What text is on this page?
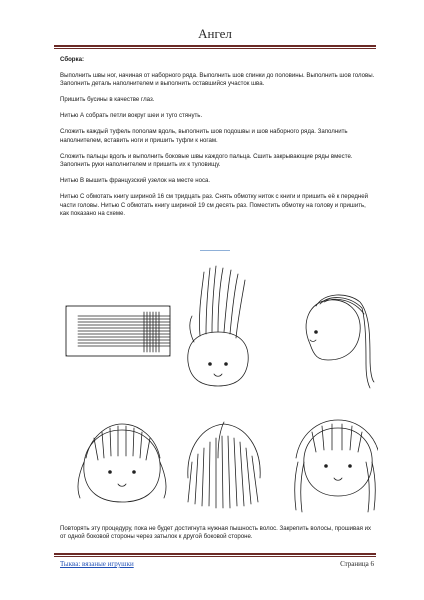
Ангел
Сборка:

Выполнить швы ног, начиная от наборного ряда. Выполнить шов спинки до половины. Выполнить шов головы. Заполнить деталь наполнителем и выполнить оставшийся участок шва.

Пришить бусины в качестве глаз.

Нитью А собрать петли вокруг шеи и туго стянуть.

Сложить каждый туфель пополам вдоль, выполнить шов подошвы и шов наборного ряда. Заполнить наполнителем, вставить ноги и пришить туфли к ногам.

Сложить пальцы вдоль и выполнить боковые швы каждого пальца. Сшить закрывающие ряды вместе. Заполнить руки наполнителем и пришить их к туловищу.

Нитью В вышить французский узелок на месте носа.

Нитью С обмотать книгу шириной 16 см тридцать раз. Снять обмотку ниток с книги и пришить её к передней части головы. Нитью С обмотать книгу шириной 19 см десять раз. Поместить обмотку на голову и пришить, как показано на схеме.

Повторять эту процедуру, пока не будет достигнута нужная пышность волос. Закрепить волосы, прошивая их от одной боковой стороны через затылок к другой боковой стороне.

Тыква: вязаные игрушки	Страница 6
